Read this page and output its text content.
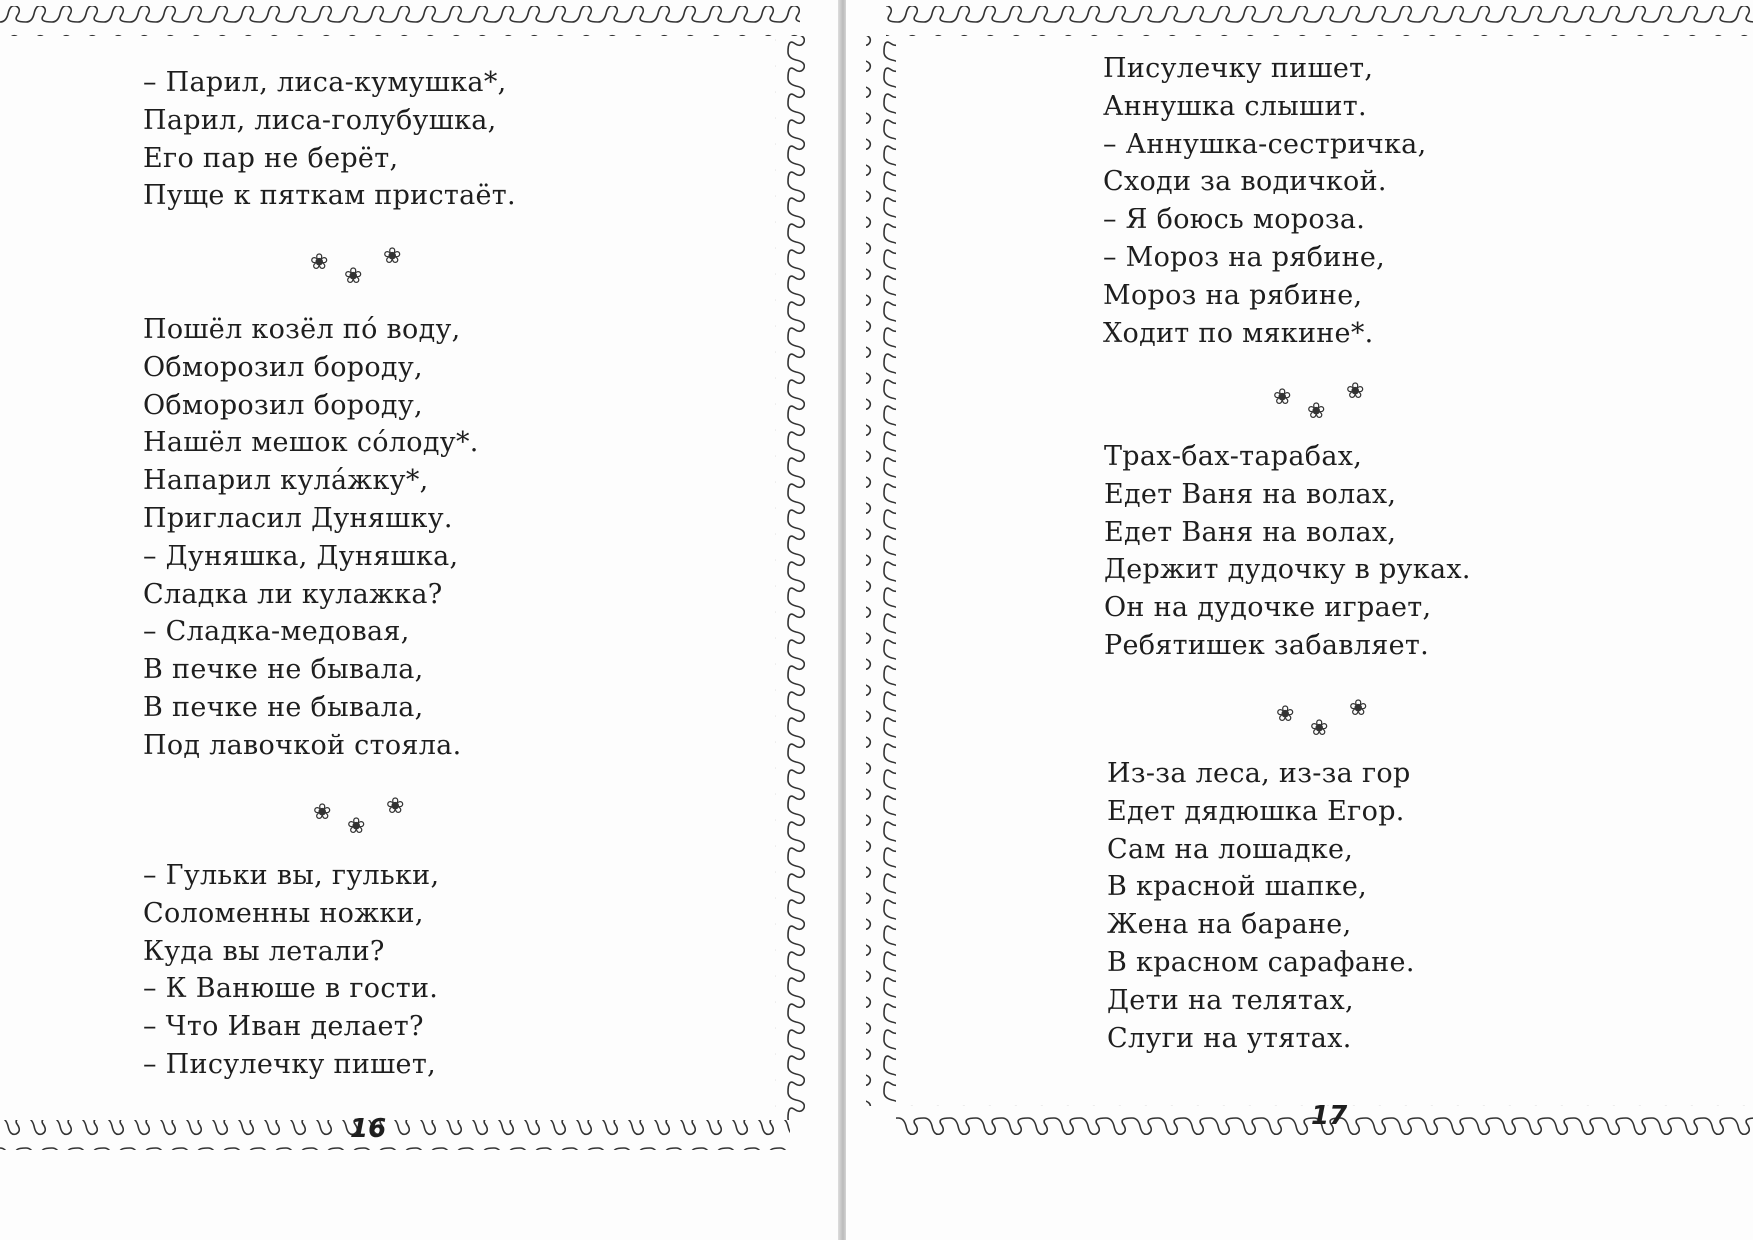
– Парил, лиса-кумушка*,
Парил, лиса-голубушка,
Его пар не берёт,
Пуще к пяткам пристаёт.
❀
❀
❀
Пошёл козёл по́ воду,
Обморозил бороду,
Обморозил бороду,
Нашёл мешок со́лоду*.
Напарил кула́жку*,
Пригласил Дуняшку.
– Дуняшка, Дуняшка,
Сладка ли кулажка?
– Сладка-медовая,
В печке не бывала,
В печке не бывала,
Под лавочкой стояла.
❀
❀
❀
– Гульки вы, гульки,
Соломенны ножки,
Куда вы летали?
– К Ванюше в гости.
– Что Иван делает?
– Писулечку пишет,
16
Писулечку пишет,
Аннушка слышит.
– Аннушка-сестричка,
Сходи за водичкой.
– Я боюсь мороза.
– Мороз на рябине,
Мороз на рябине,
Ходит по мякине*.
❀
❀
❀
Трах-бах-тарабах,
Едет Ваня на волах,
Едет Ваня на волах,
Держит дудочку в руках.
Он на дудочке играет,
Ребятишек забавляет.
❀
❀
❀
Из-за леса, из-за гор
Едет дядюшка Егор.
Сам на лошадке,
В красной шапке,
Жена на баране,
В красном сарафане.
Дети на телятах,
Слуги на утятах.
17
